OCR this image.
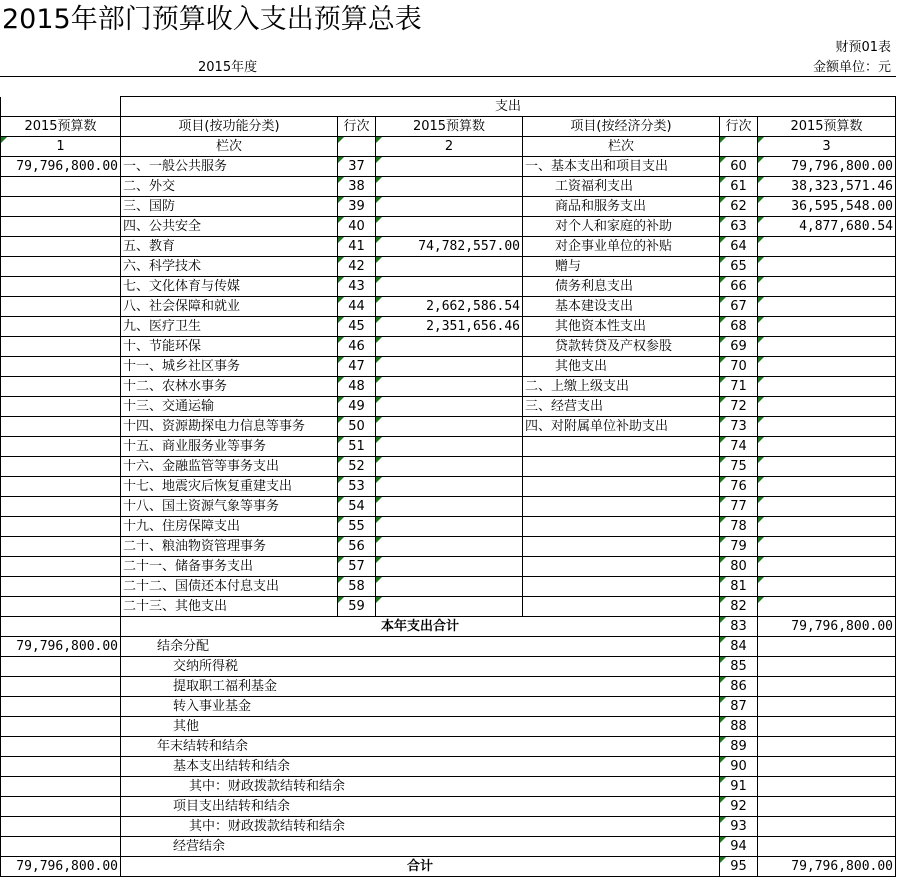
2015年部门预算收入支出预算总表
财预01表
2015年度	金额单位：元
	支出					
2015预算数	项目(按功能分类)	行次	2015预算数	项目(按经济分类)	行次	2015预算数
1	栏次		2	栏次		3
79,796,800.00	一、一般公共服务	37		一、基本支出和项目支出	60	79,796,800.00
	二、外交	38		工资福利支出	61	38,323,571.46
	三、国防	39		商品和服务支出	62	36,595,548.00
	四、公共安全	40		对个人和家庭的补助	63	4,877,680.54
	五、教育	41	74,782,557.00	对企事业单位的补贴	64	
	六、科学技术	42		赠与	65	
	七、文化体育与传媒	43		债务利息支出	66	
	八、社会保障和就业	44	2,662,586.54	基本建设支出	67	
	九、医疗卫生	45	2,351,656.46	其他资本性支出	68	
	十、节能环保	46		贷款转贷及产权参股	69	
	十一、城乡社区事务	47		其他支出	70	
	十二、农林水事务	48		二、上缴上级支出	71	
	十三、交通运输	49		三、经营支出	72	
	十四、资源勘探电力信息等事务	50		四、对附属单位补助支出	73	
	十五、商业服务业等事务	51			74	
	十六、金融监管等事务支出	52			75	
	十七、地震灾后恢复重建支出	53			76	
	十八、国土资源气象等事务	54			77	
	十九、住房保障支出	55			78	
	二十、粮油物资管理事务	56			79	
	二十一、储备事务支出	57			80	
	二十二、国债还本付息支出	58			81	
	二十三、其他支出	59			82	
	本年支出合计				83	79,796,800.00
79,796,800.00	结余分配				84	
	交纳所得税				85	
	提取职工福利基金				86	
	转入事业基金				87	
	其他				88	
	年末结转和结余				89	
	基本支出结转和结余				90	
	其中：财政拨款结转和结余				91	
	项目支出结转和结余				92	
	其中：财政拨款结转和结余				93	
	经营结余				94	
79,796,800.00	合计				95	79,796,800.00
